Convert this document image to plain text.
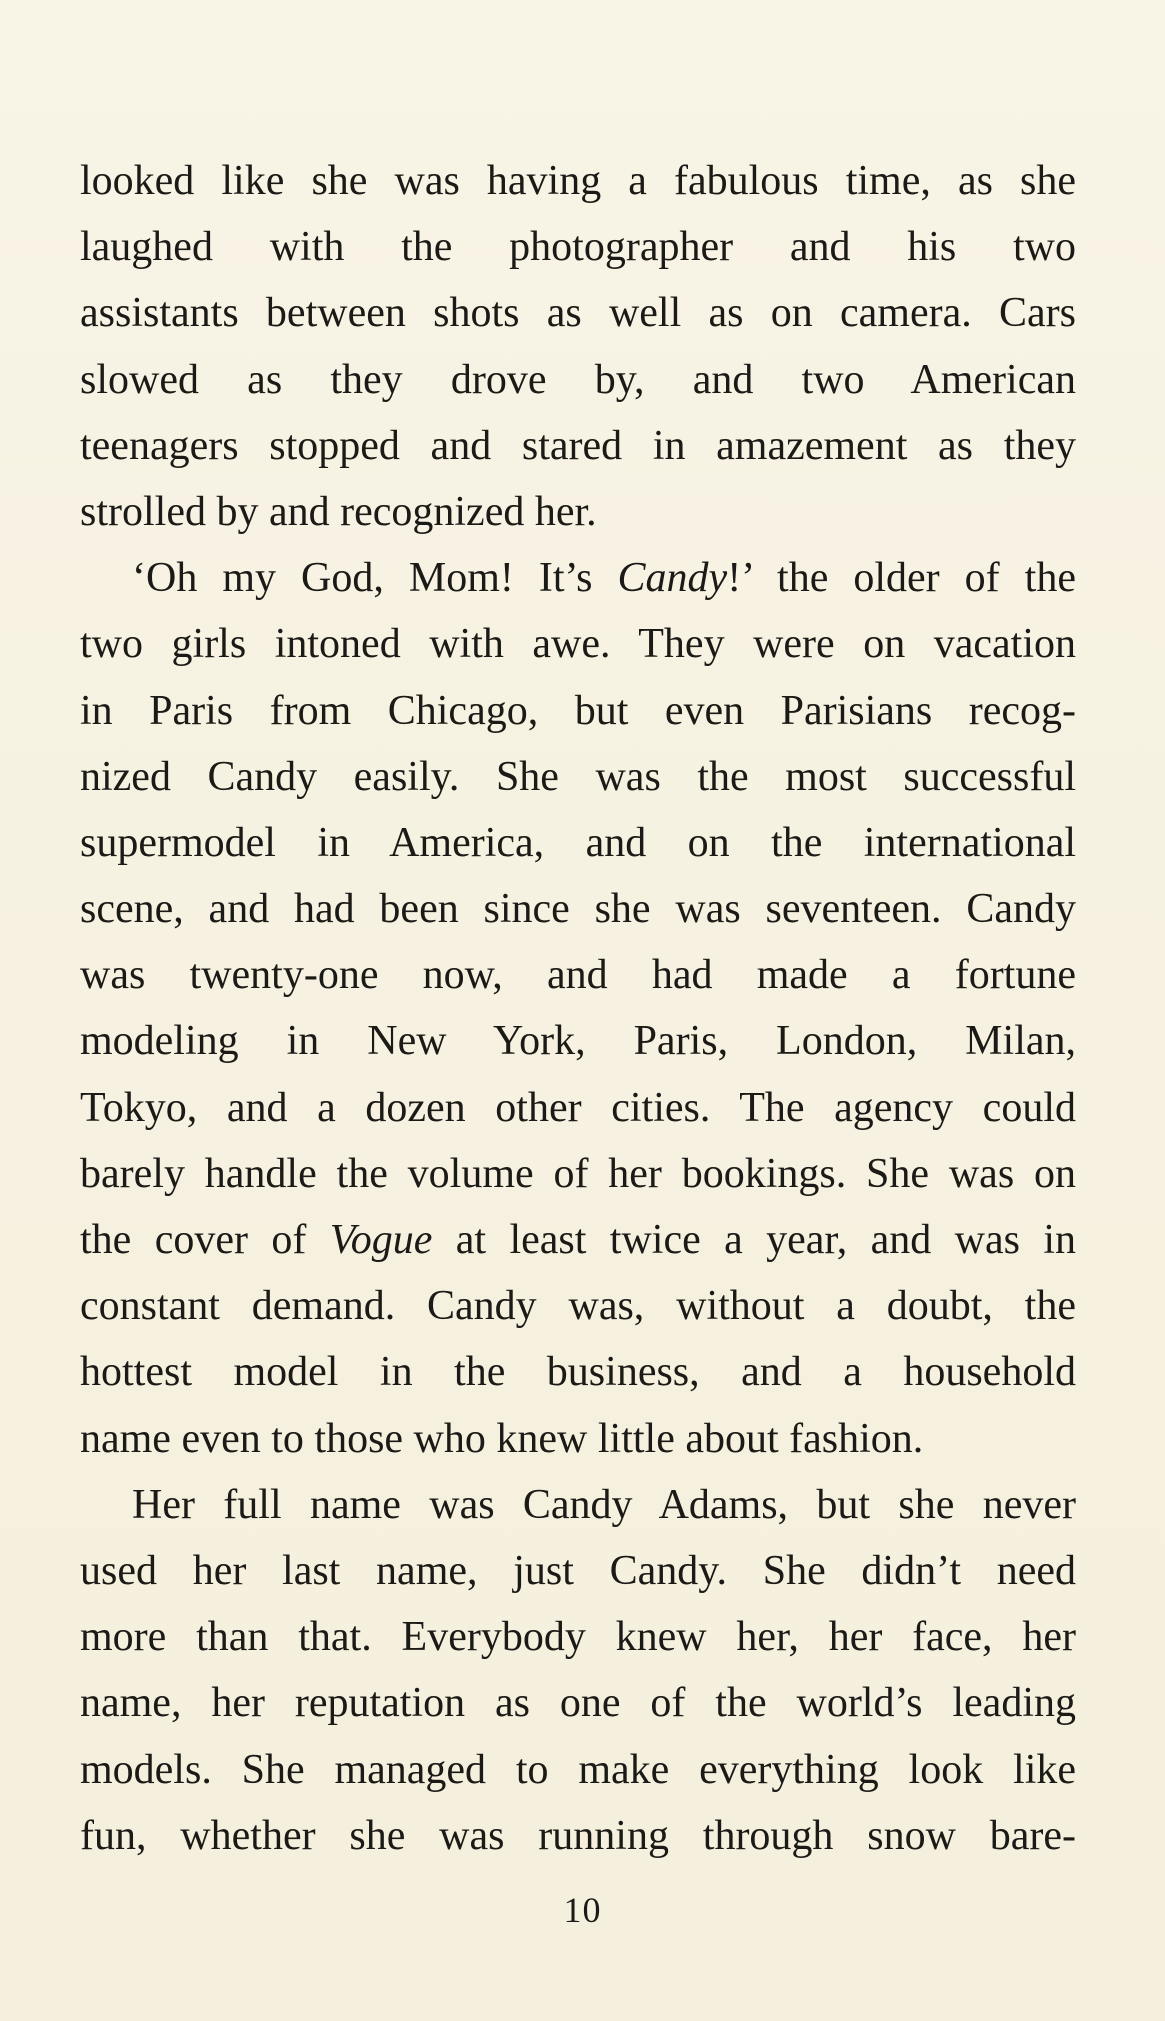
looked like she was having a fabulous time, as she
laughed with the photographer and his two
assistants between shots as well as on camera. Cars
slowed as they drove by, and two American
teenagers stopped and stared in amazement as they
strolled by and recognized her.
‘Oh my God, Mom! It’s Candy!’ the older of the
two girls intoned with awe. They were on vacation
in Paris from Chicago, but even Parisians recog-
nized Candy easily. She was the most successful
supermodel in America, and on the international
scene, and had been since she was seventeen. Candy
was twenty-one now, and had made a fortune
modeling in New York, Paris, London, Milan,
Tokyo, and a dozen other cities. The agency could
barely handle the volume of her bookings. She was on
the cover of Vogue at least twice a year, and was in
constant demand. Candy was, without a doubt, the
hottest model in the business, and a household
name even to those who knew little about fashion.
Her full name was Candy Adams, but she never
used her last name, just Candy. She didn’t need
more than that. Everybody knew her, her face, her
name, her reputation as one of the world’s leading
models. She managed to make everything look like
fun, whether she was running through snow bare-
10
